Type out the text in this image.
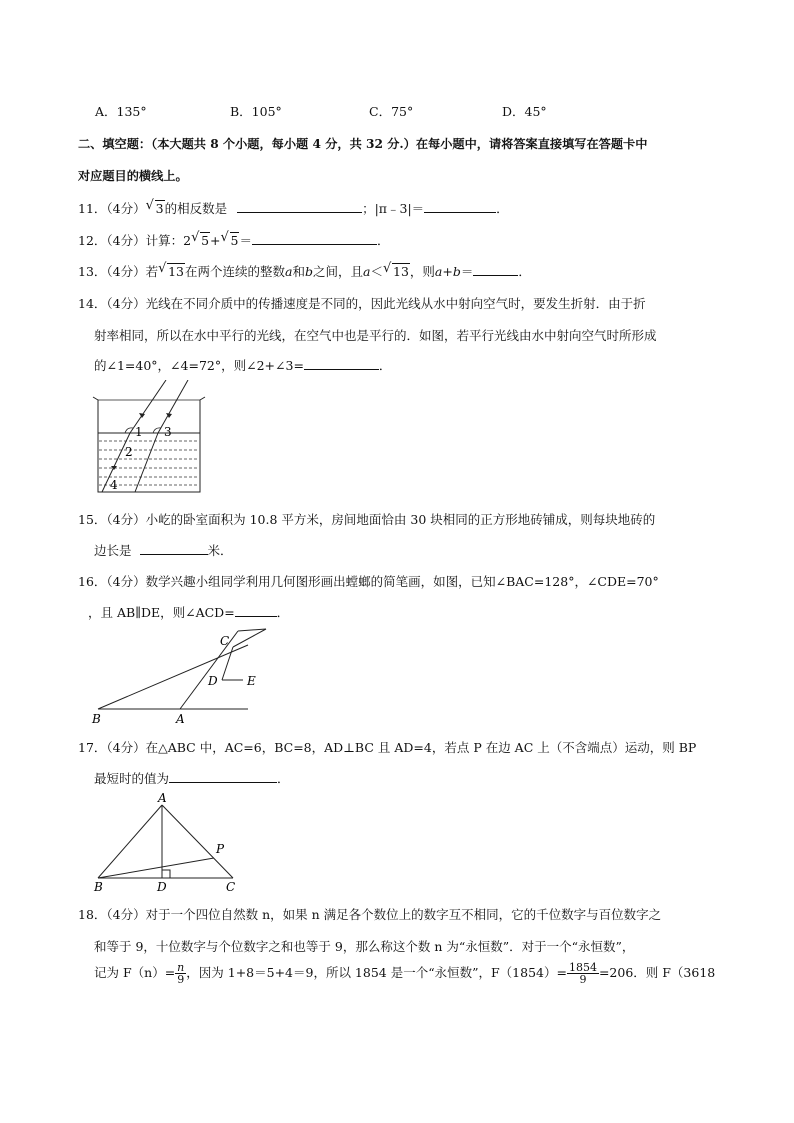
A．135°	B．105°	C．75°	D．45°
二、填空题：（本大题共 8 个小题，每小题 4 分，共 32 分.）在每小题中，请将答案直接填写在答题卡中
对应题目的横线上。
11．（4分） √ 3的相反数是	；|π﹣3|＝	．
12．（4分）计算：2 √ 5+ √ 5＝	．
13．（4分）若 √ 13在两个连续的整数a和b之间，且a＜ √ 13，则a+b＝	．
14．（4分）光线在不同介质中的传播速度是不同的，因此光线从水中射向空气时，要发生折射．由于折
射率相同，所以在水中平行的光线，在空气中也是平行的．如图，若平行光线由水中射向空气时所形成
的∠1=40°，∠4=72°，则∠2+∠3=	．
1
2
3
4
15．（4分）小屹的卧室面积为 10.8 平方米，房间地面恰由 30 块相同的正方形地砖铺成，则每块地砖的
边长是	米．
16．（4分）数学兴趣小组同学利用几何图形画出螳螂的简笔画，如图，已知∠BAC=128°，∠CDE=70°
，且 AB∥DE，则∠ACD=	．
C
D E
B	A
17．（4分）在△ABC 中，AC=6，BC=8，AD⊥BC 且 AD=4，若点 P 在边 AC 上（不含端点）运动，则 BP
最短时的值为	．
A
P
B	D	C
18．（4分）对于一个四位自然数 n，如果 n 满足各个数位上的数字互不相同，它的千位数字与百位数字之
和等于 9，十位数字与个位数字之和也等于 9，那么称这个数 n 为“永恒数”．对于一个“永恒数”，
记为 $F(n)= \frac{n}{9}$ ，因为 1+8＝5+4＝9，所以 1854 是一个“永恒数”，$F(1854)= \frac{1854}{9} =206$．则 F（3618
